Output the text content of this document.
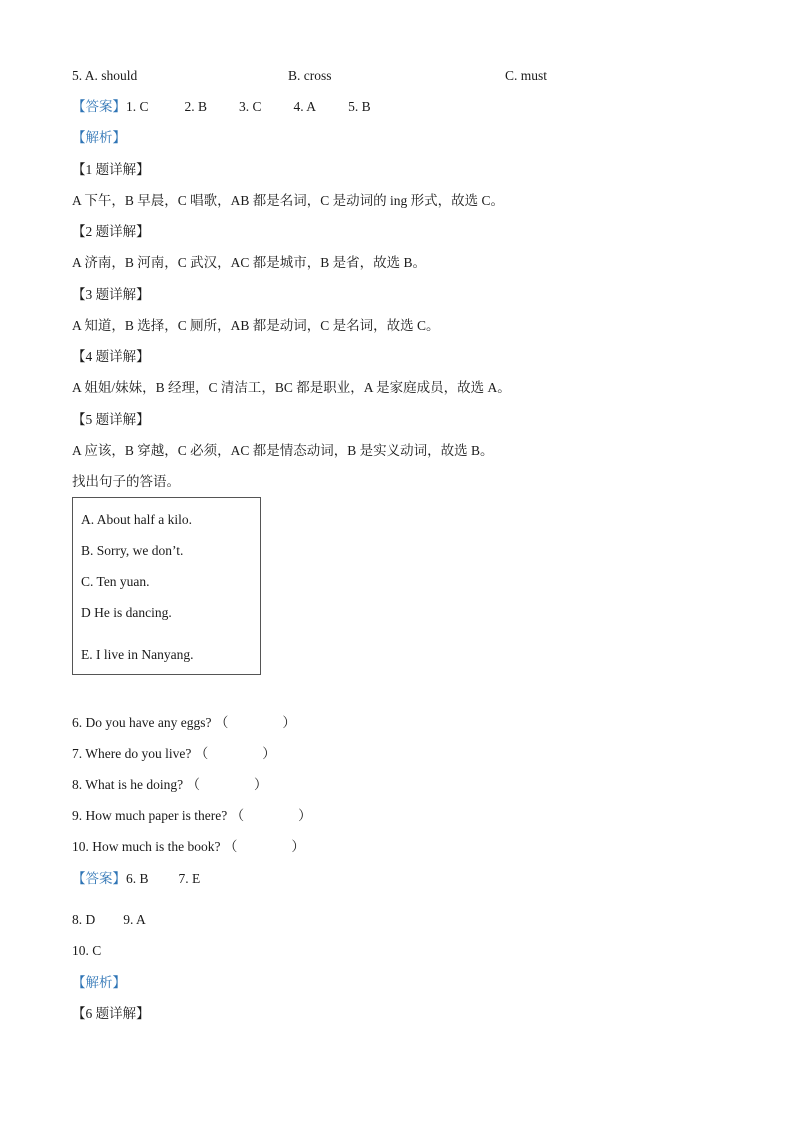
5. A. should	B. cross	C. must
【答案】1. C	2. B 3. C 4. A 5. B
【解析】
【1 题详解】
A 下午，B 早晨，C 唱歌，AB 都是名词，C 是动词的 ing 形式，故选 C。
【2 题详解】
A 济南，B 河南，C 武汉，AC 都是城市，B 是省，故选 B。
【3 题详解】
A 知道，B 选择，C 厕所，AB 都是动词，C 是名词，故选 C。
【4 题详解】
A 姐姐/妹妹，B 经理，C 清洁工，BC 都是职业，A 是家庭成员，故选 A。
【5 题详解】
A 应该，B 穿越，C 必须，AC 都是情态动词，B 是实义动词，故选 B。
找出句子的答语。
A. About half a kilo.
B. Sorry, we don’t.
C. Ten yuan.
D He is dancing.
E. I live in Nanyang.
6. Do you have any eggs? （	）
7. Where do you live? （	）
8. What is he doing? （	）
9. How much paper is there? （	）
10. How much is the book? （	）
【答案】6. B 7. E
8. D 9. A
10. C
【解析】
【6 题详解】
